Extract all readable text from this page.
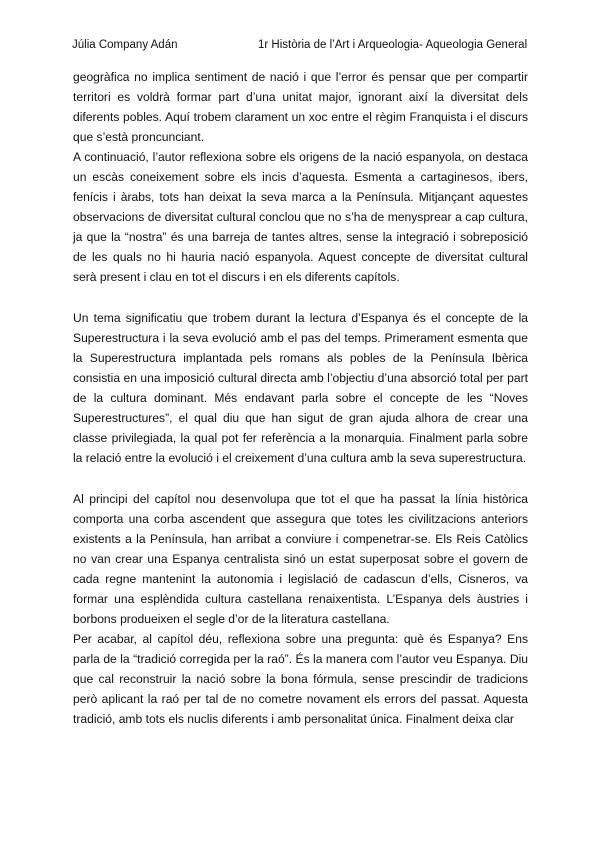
Júlia Company Adán	1r Història de l’Art i Arqueologia- Aqueologia General

geogràfica no implica sentiment de nació i que l’error és pensar que per compartir territori es voldrà formar part d’una unitat major, ignorant així la diversitat dels diferents pobles. Aquí trobem clarament un xoc entre el règim Franquista i el discurs que s’està proncunciant.

A continuació, l’autor reflexiona sobre els origens de la nació espanyola, on destaca un escàs coneixement sobre els incis d’aquesta. Esmenta a cartaginesos, ibers, fenícis i àrabs, tots han deixat la seva marca a la Península. Mitjançant aquestes observacions de diversitat cultural conclou que no s’ha de menysprear a cap cultura, ja que la “nostra” és una barreja de tantes altres, sense la integració i sobreposició de les quals no hi hauria nació espanyola. Aquest concepte de diversitat cultural serà present i clau en tot el discurs i en els diferents capítols.

Un tema significatiu que trobem durant la lectura d’Espanya és el concepte de la Superestructura i la seva evolució amb el pas del temps. Primerament esmenta que la Superestructura implantada pels romans als pobles de la Península Ibèrica consistia en una imposició cultural directa amb l’objectiu d’una absorció total per part de la cultura dominant. Més endavant parla sobre el concepte de les “Noves Superestructures”, el qual diu que han sigut de gran ajuda alhora de crear una classe privilegiada, la qual pot fer referència a la monarquia. Finalment parla sobre la relació entre la evolució i el creixement d’una cultura amb la seva superestructura.

Al principi del capítol nou desenvolupa que tot el que ha passat la línia històrica comporta una corba ascendent que assegura que totes les civilitzacions anteriors existents a la Península, han arribat a conviure i compenetrar-se. Els Reis Catòlics no van crear una Espanya centralista sinó un estat superposat sobre el govern de cada regne mantenint la autonomia i legislació de cadascun d’ells, Cisneros, va formar una esplèndida cultura castellana renaixentista. L’Espanya dels àustries i borbons produeixen el segle d’or de la literatura castellana.

Per acabar, al capítol déu, reflexiona sobre una pregunta: què és Espanya? Ens parla de la “tradició corregida per la raó”. És la manera com l’autor veu Espanya. Diu que cal reconstruir la nació sobre la bona fórmula, sense prescindir de tradicions però aplicant la raó per tal de no cometre novament els errors del passat. Aquesta tradició, amb tots els nuclis diferents i amb personalitat única. Finalment deixa clar
